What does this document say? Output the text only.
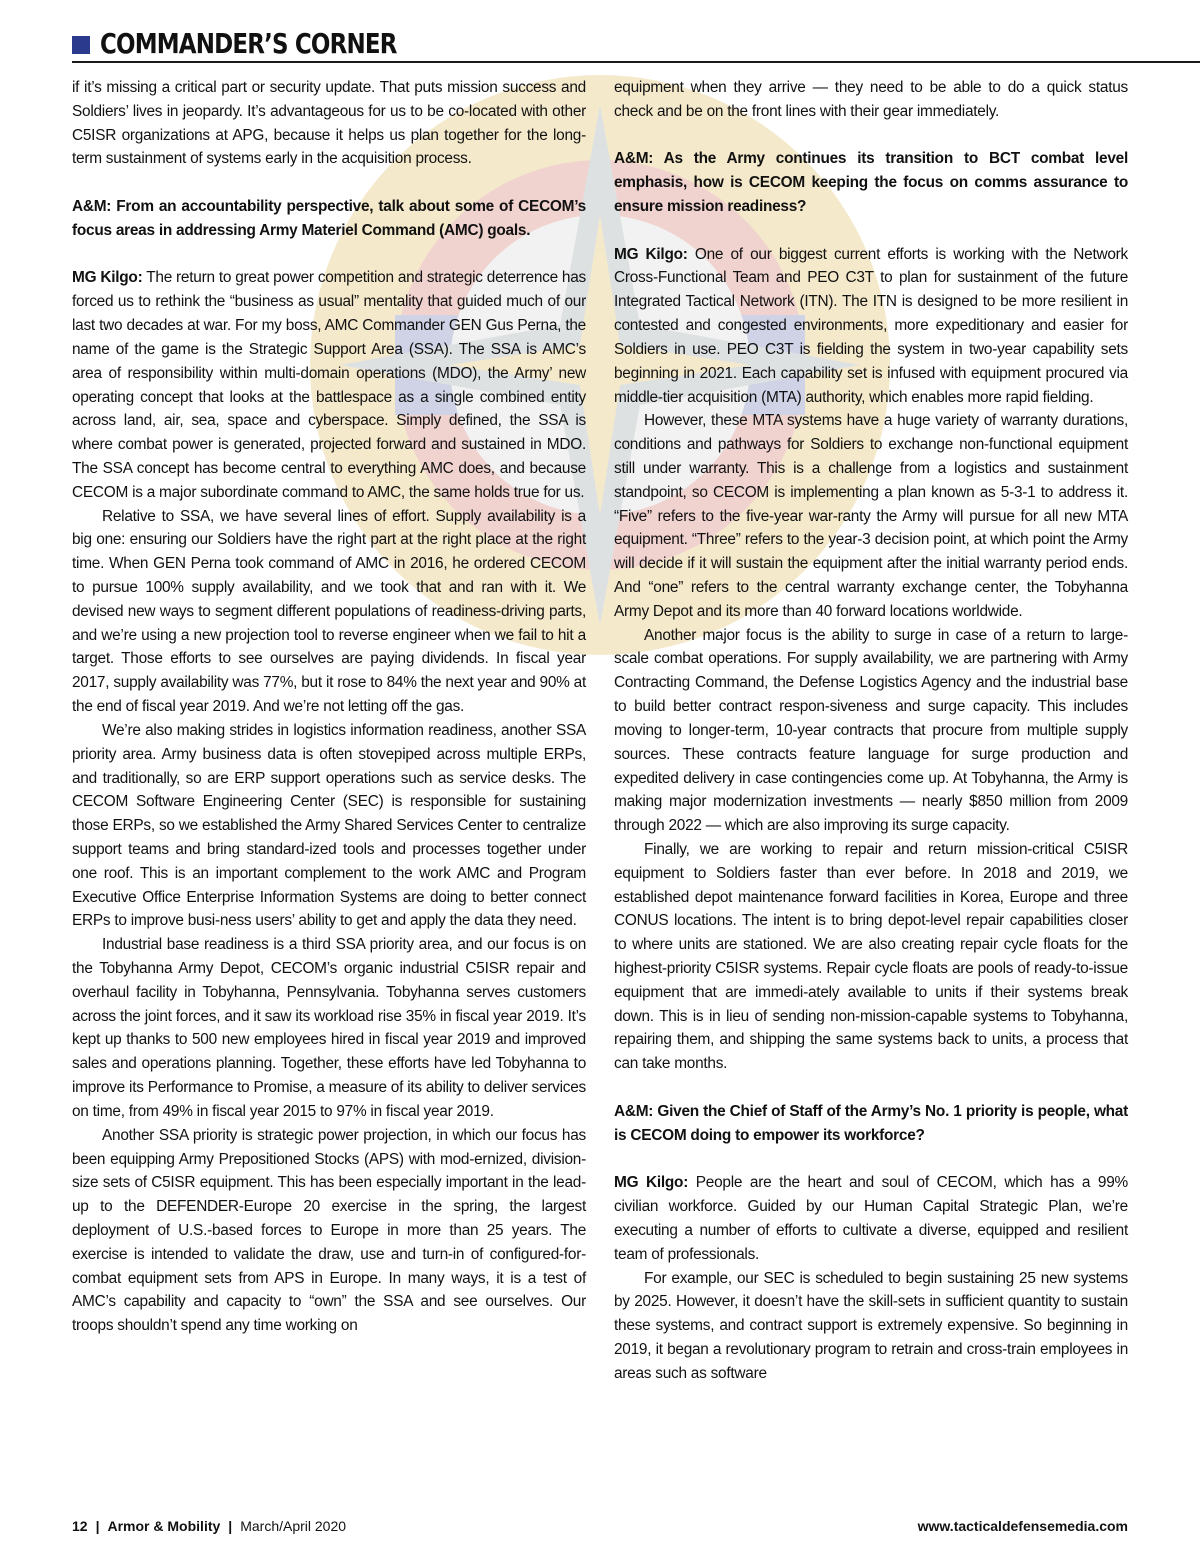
COMMANDER’S CORNER

if it’s missing a critical part or security update. That puts mission success and Soldiers’ lives in jeopardy. It’s advantageous for us to be co-located with other C5ISR organizations at APG, because it helps us plan together for the long-term sustainment of systems early in the acquisition process.

A&M: From an accountability perspective, talk about some of CECOM’s focus areas in addressing Army Materiel Command (AMC) goals.

MG Kilgo: The return to great power competition and strategic deterrence has forced us to rethink the “business as usual” mentality that guided much of our last two decades at war. For my boss, AMC Commander GEN Gus Perna, the name of the game is the Strategic Support Area (SSA). The SSA is AMC’s area of responsibility within multi-domain operations (MDO), the Army’ new operating concept that looks at the battlespace as a single combined entity across land, air, sea, space and cyberspace. Simply defined, the SSA is where combat power is generated, projected forward and sustained in MDO. The SSA concept has become central to everything AMC does, and because CECOM is a major subordinate command to AMC, the same holds true for us.

Relative to SSA, we have several lines of effort. Supply availability is a big one: ensuring our Soldiers have the right part at the right place at the right time. When GEN Perna took command of AMC in 2016, he ordered CECOM to pursue 100% supply availability, and we took that and ran with it. We devised new ways to segment different populations of readiness-driving parts, and we’re using a new projection tool to reverse engineer when we fail to hit a target. Those efforts to see ourselves are paying dividends. In fiscal year 2017, supply availability was 77%, but it rose to 84% the next year and 90% at the end of fiscal year 2019. And we’re not letting off the gas.

We’re also making strides in logistics information readiness, another SSA priority area. Army business data is often stovepiped across multiple ERPs, and traditionally, so are ERP support operations such as service desks. The CECOM Software Engineering Center (SEC) is responsible for sustaining those ERPs, so we established the Army Shared Services Center to centralize support teams and bring standard-ized tools and processes together under one roof. This is an important complement to the work AMC and Program Executive Office Enterprise Information Systems are doing to better connect ERPs to improve busi-ness users’ ability to get and apply the data they need.

Industrial base readiness is a third SSA priority area, and our focus is on the Tobyhanna Army Depot, CECOM’s organic industrial C5ISR repair and overhaul facility in Tobyhanna, Pennsylvania. Tobyhanna serves customers across the joint forces, and it saw its workload rise 35% in fiscal year 2019. It’s kept up thanks to 500 new employees hired in fiscal year 2019 and improved sales and operations planning. Together, these efforts have led Tobyhanna to improve its Performance to Promise, a measure of its ability to deliver services on time, from 49% in fiscal year 2015 to 97% in fiscal year 2019.

Another SSA priority is strategic power projection, in which our focus has been equipping Army Prepositioned Stocks (APS) with mod-ernized, division-size sets of C5ISR equipment. This has been especially important in the lead-up to the DEFENDER-Europe 20 exercise in the spring, the largest deployment of U.S.-based forces to Europe in more than 25 years. The exercise is intended to validate the draw, use and turn-in of configured-for-combat equipment sets from APS in Europe. In many ways, it is a test of AMC’s capability and capacity to “own” the SSA and see ourselves. Our troops shouldn’t spend any time working on

equipment when they arrive — they need to be able to do a quick status check and be on the front lines with their gear immediately.

A&M: As the Army continues its transition to BCT combat level emphasis, how is CECOM keeping the focus on comms assurance to ensure mission readiness?

MG Kilgo: One of our biggest current efforts is working with the Network Cross-Functional Team and PEO C3T to plan for sustainment of the future Integrated Tactical Network (ITN). The ITN is designed to be more resilient in contested and congested environments, more expeditionary and easier for Soldiers in use. PEO C3T is fielding the system in two-year capability sets beginning in 2021. Each capability set is infused with equipment procured via middle-tier acquisition (MTA) authority, which enables more rapid fielding.

However, these MTA systems have a huge variety of warranty durations, conditions and pathways for Soldiers to exchange non-functional equipment still under warranty. This is a challenge from a logistics and sustainment standpoint, so CECOM is implementing a plan known as 5-3-1 to address it. “Five” refers to the five-year war-ranty the Army will pursue for all new MTA equipment. “Three” refers to the year-3 decision point, at which point the Army will decide if it will sustain the equipment after the initial warranty period ends. And “one” refers to the central warranty exchange center, the Tobyhanna Army Depot and its more than 40 forward locations worldwide.

Another major focus is the ability to surge in case of a return to large-scale combat operations. For supply availability, we are partnering with Army Contracting Command, the Defense Logistics Agency and the industrial base to build better contract respon-siveness and surge capacity. This includes moving to longer-term, 10-year contracts that procure from multiple supply sources. These contracts feature language for surge production and expedited delivery in case contingencies come up. At Tobyhanna, the Army is making major modernization investments — nearly $850 million from 2009 through 2022 — which are also improving its surge capacity.

Finally, we are working to repair and return mission-critical C5ISR equipment to Soldiers faster than ever before. In 2018 and 2019, we established depot maintenance forward facilities in Korea, Europe and three CONUS locations. The intent is to bring depot-level repair capabilities closer to where units are stationed. We are also creating repair cycle floats for the highest-priority C5ISR systems. Repair cycle floats are pools of ready-to-issue equipment that are immedi-ately available to units if their systems break down. This is in lieu of sending non-mission-capable systems to Tobyhanna, repairing them, and shipping the same systems back to units, a process that can take months.

A&M: Given the Chief of Staff of the Army’s No. 1 priority is people, what is CECOM doing to empower its workforce?

MG Kilgo: People are the heart and soul of CECOM, which has a 99% civilian workforce. Guided by our Human Capital Strategic Plan, we’re executing a number of efforts to cultivate a diverse, equipped and resilient team of professionals.

For example, our SEC is scheduled to begin sustaining 25 new systems by 2025. However, it doesn’t have the skill-sets in sufficient quantity to sustain these systems, and contract support is extremely expensive. So beginning in 2019, it began a revolutionary program to retrain and cross-train employees in areas such as software

12 | Armor & Mobility | March/April 2020	www.tacticaldefensemedia.com
